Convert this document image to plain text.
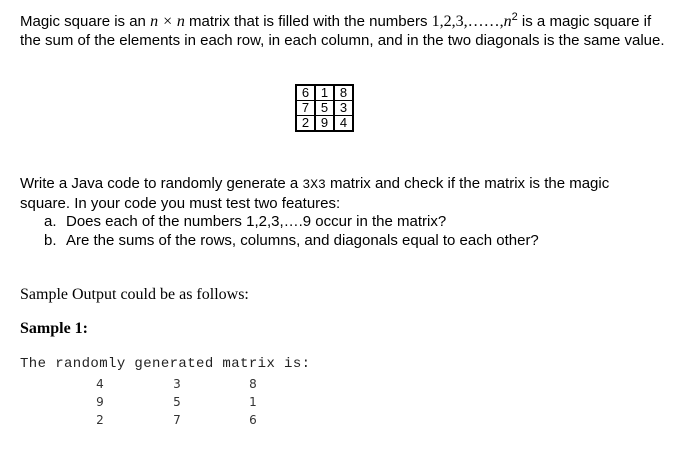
Magic square is an n × n matrix that is filled with the numbers $1,2,3,\dots\dots,n^2$ is a magic square if the sum of the elements in each row, in each column, and in the two diagonals is the same value.

6	1	8
7	5	3
2	9	4

Write a Java code to randomly generate a 3X3 matrix and check if the matrix is the magic square. In your code you must test two features:

a. Does each of the numbers 1,2,3,….9 occur in the matrix?
b. Are the sums of the rows, columns, and diagonals equal to each other?

Sample Output could be as follows:

Sample 1:

The randomly generated matrix is:

4	3	8
9	5	1
2	7	6
